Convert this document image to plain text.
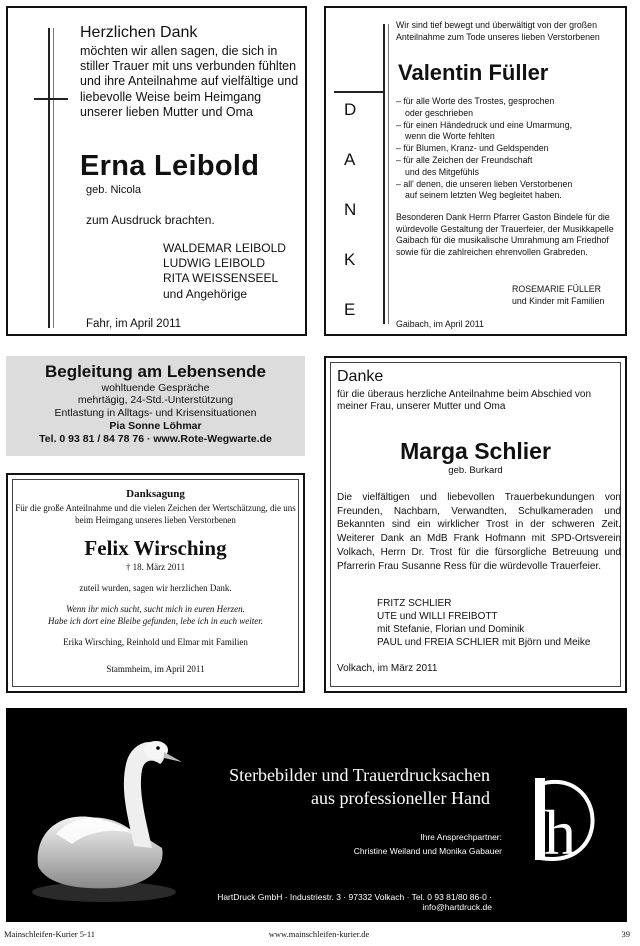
Herzlichen Dank
möchten wir allen sagen, die sich in stiller Trauer mit uns verbunden fühlten und ihre Anteilnahme auf vielfältige und liebevolle Weise beim Heimgang unserer lieben Mutter und Oma
Erna Leibold
geb. Nicola
zum Ausdruck brachten.
WALDEMAR LEIBOLD
LUDWIG LEIBOLD
RITA WEISSENSEEL
und Angehörige
Fahr, im April 2011
D
A
N
K
E
Wir sind tief bewegt und überwältigt von der großen Anteilnahme zum Tode unseres lieben Verstorbenen
Valentin Füller
– für alle Worte des Trostes, gesprochen
oder geschrieben
– für einen Händedruck und eine Umarmung,
wenn die Worte fehlten
– für Blumen, Kranz- und Geldspenden
– für alle Zeichen der Freundschaft
und des Mitgefühls
– all' denen, die unseren lieben Verstorbenen
auf seinem letzten Weg begleitet haben.
Besonderen Dank Herrn Pfarrer Gaston Bindele für die würdevolle Gestaltung der Trauerfeier, der Musikkapelle Gaibach für die musikalische Umrahmung am Friedhof sowie für die zahlreichen ehrenvollen Grabreden.
ROSEMARIE FÜLLER
und Kinder mit Familien
Gaibach, im April 2011
Begleitung am Lebensende
wohltuende Gespräche
mehrtägig, 24-Std.-Unterstützung
Entlastung in Alltags- und Krisensituationen
Pia Sonne Löhmar
Tel. 0 93 81 / 84 78 76 · www.Rote-Wegwarte.de
Danksagung
Für die große Anteilnahme und die vielen Zeichen der Wertschätzung, die uns beim Heimgang unseres lieben Verstorbenen
Felix Wirsching
† 18. März 2011
zuteil wurden, sagen wir herzlichen Dank.
Wenn ihr mich sucht, sucht mich in euren Herzen.
Habe ich dort eine Bleibe gefunden, lebe ich in euch weiter.
Erika Wirsching, Reinhold und Elmar mit Familien
Stammheim, im April 2011
Danke
für die überaus herzliche Anteilnahme beim Abschied von meiner Frau, unserer Mutter und Oma
Marga Schlier
geb. Burkard
Die vielfältigen und liebevollen Trauerbekundungen von Freunden, Nachbarn, Verwandten, Schulkameraden und Bekannten sind ein wirklicher Trost in der schweren Zeit. Weiterer Dank an MdB Frank Hofmann mit SPD-Ortsverein Volkach, Herrn Dr. Trost für die fürsorgliche Betreuung und Pfarrerin Frau Susanne Ress für die würdevolle Trauerfeier.
FRITZ SCHLIER
UTE und WILLI FREIBOTT
mit Stefanie, Florian und Dominik
PAUL und FREIA SCHLIER mit Björn und Meike
Volkach, im März 2011
Sterbebilder und Trauerdrucksachen
aus professioneller Hand
Ihre Ansprechpartner:
Christine Weiland und Monika Gabauer
HartDruck GmbH · Industriestr. 3 · 97332 Volkach · Tel. 0 93 81/80 86-0 · info@hartdruck.de
h
Mainschleifen-Kurier 5-11	www.mainschleifen-kurier.de	39
